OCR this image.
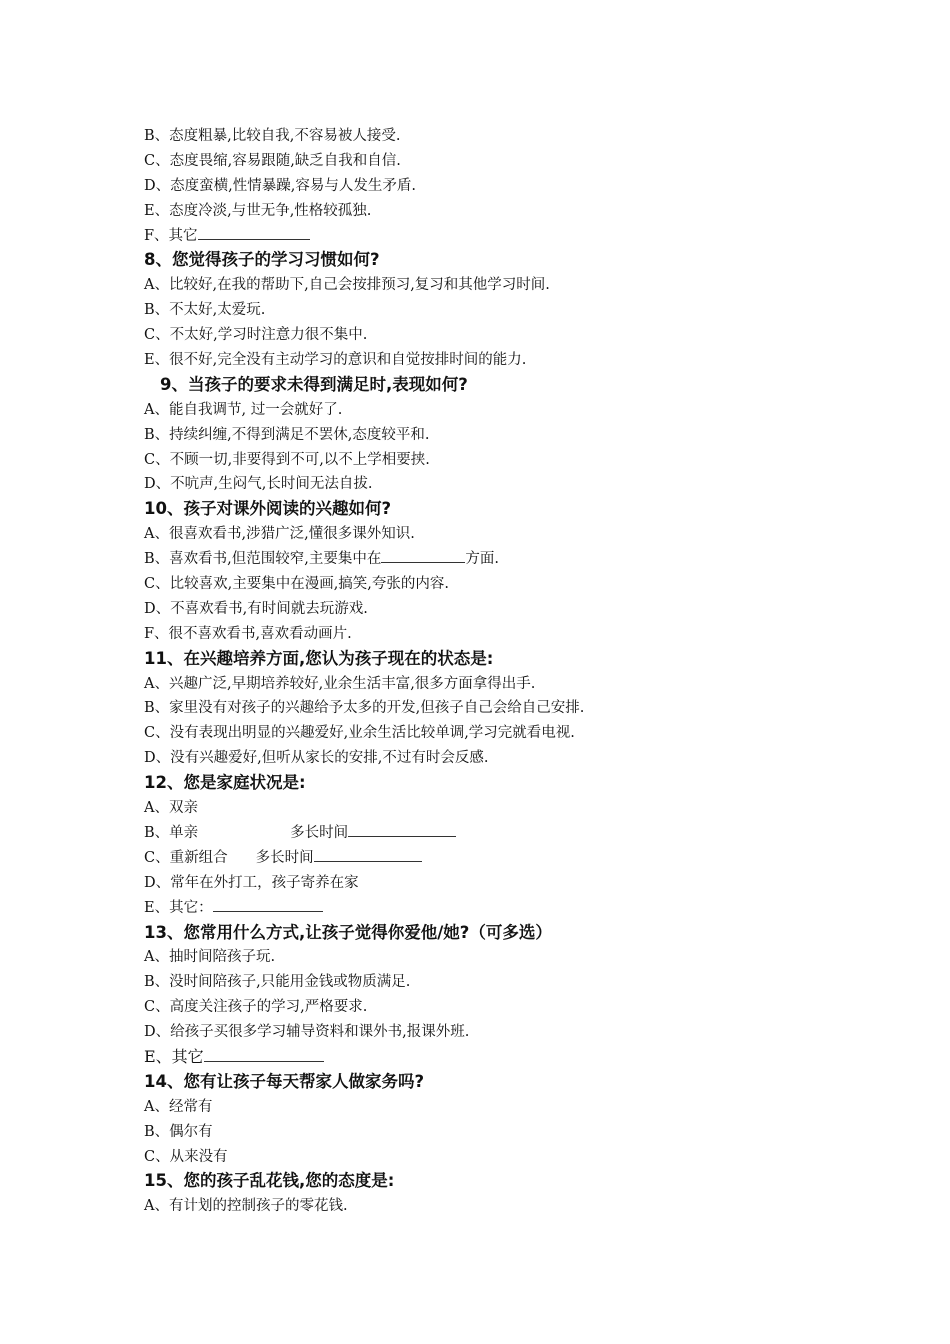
B、态度粗暴,比较自我,不容易被人接受.
C、态度畏缩,容易跟随,缺乏自我和自信.
D、态度蛮横,性情暴躁,容易与人发生矛盾.
E、态度冷淡,与世无争,性格较孤独.
F、其它
8、您觉得孩子的学习习惯如何?
A、比较好,在我的帮助下,自己会按排预习,复习和其他学习时间.
B、不太好,太爱玩.
C、不太好,学习时注意力很不集中.
E、很不好,完全没有主动学习的意识和自觉按排时间的能力.
9、当孩子的要求未得到满足时,表现如何?
A、能自我调节, 过一会就好了.
B、持续纠缠,不得到满足不罢休,态度较平和.
C、不顾一切,非要得到不可,以不上学相要挟.
D、不吭声,生闷气,长时间无法自拔.
10、孩子对课外阅读的兴趣如何?
A、很喜欢看书,涉猎广泛,懂很多课外知识.
B、喜欢看书,但范围较窄,主要集中在	方面.
C、比较喜欢,主要集中在漫画,搞笑,夸张的内容.
D、不喜欢看书,有时间就去玩游戏.
F、很不喜欢看书,喜欢看动画片.
11、在兴趣培养方面,您认为孩子现在的状态是:
A、兴趣广泛,早期培养较好,业余生活丰富,很多方面拿得出手.
B、家里没有对孩子的兴趣给予太多的开发,但孩子自己会给自己安排.
C、没有表现出明显的兴趣爱好,业余生活比较单调,学习完就看电视.
D、没有兴趣爱好,但听从家长的安排,不过有时会反感.
12、您是家庭状况是:
A、双亲
B、单亲	多长时间
C、重新组合 多长时间
D、常年在外打工，孩子寄养在家
E、其它：
13、您常用什么方式,让孩子觉得你爱他/她?（可多选）
A、抽时间陪孩子玩.
B、没时间陪孩子,只能用金钱或物质满足.
C、高度关注孩子的学习,严格要求.
D、给孩子买很多学习辅导资料和课外书,报课外班.
E、其它
14、您有让孩子每天帮家人做家务吗?
A、经常有
B、偶尔有
C、从来没有
15、您的孩子乱花钱,您的态度是:
A、有计划的控制孩子的零花钱.
